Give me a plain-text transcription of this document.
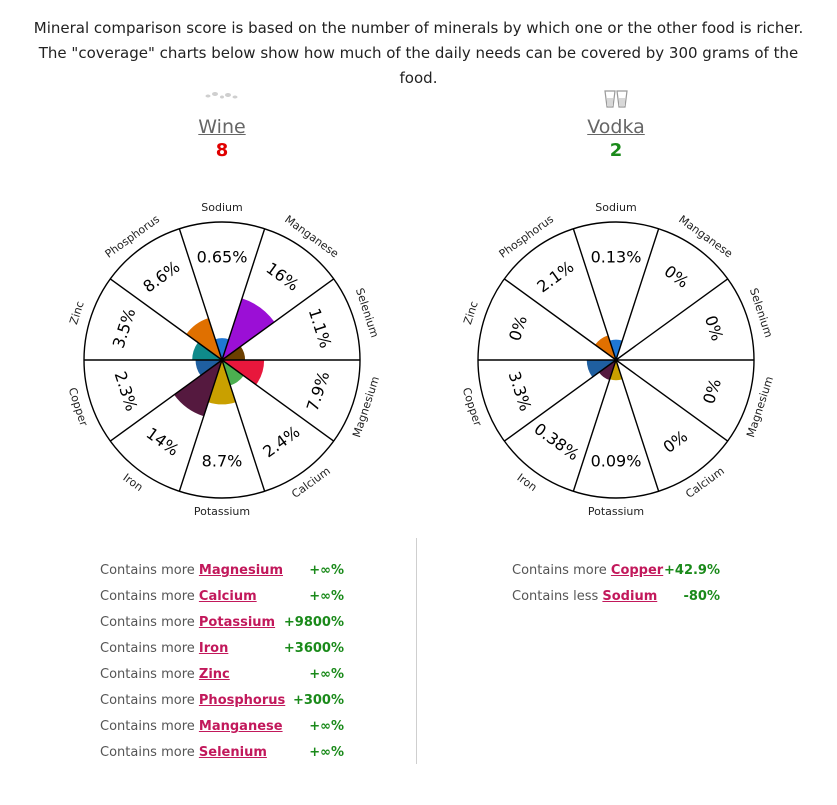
Mineral comparison score is based on the number of minerals by which one or the other food is richer. The "coverage" charts below show how much of the daily needs can be covered by 300 grams of the food.
Wine
8
Vodka
2
0.65%
Sodium
16%
Manganese
1.1% Selenium
7.9% Magnesium
2.4%
Calcium
8.7%
Potassium
14%
Iron
2.3%
Copper
3.5%
Zinc
8.6%
Phosphorus	0.13%
Sodium
0%
Manganese
0% Selenium
0% Magnesium
0%
Calcium
0.09%
Potassium
0.38%
Iron
3.3%
Copper
0%
Zinc
2.1%
Phosphorus
Contains more Magnesium +∞%
Contains more Calcium	+∞%
Contains more Potassium +9800%
Contains more Iron	+3600%
Contains more Zinc	+∞%
Contains more Phosphorus +300%
Contains more Manganese +∞%
Contains more Selenium	+∞%
Contains more Copper +42.9%
Contains less Sodium -80%
